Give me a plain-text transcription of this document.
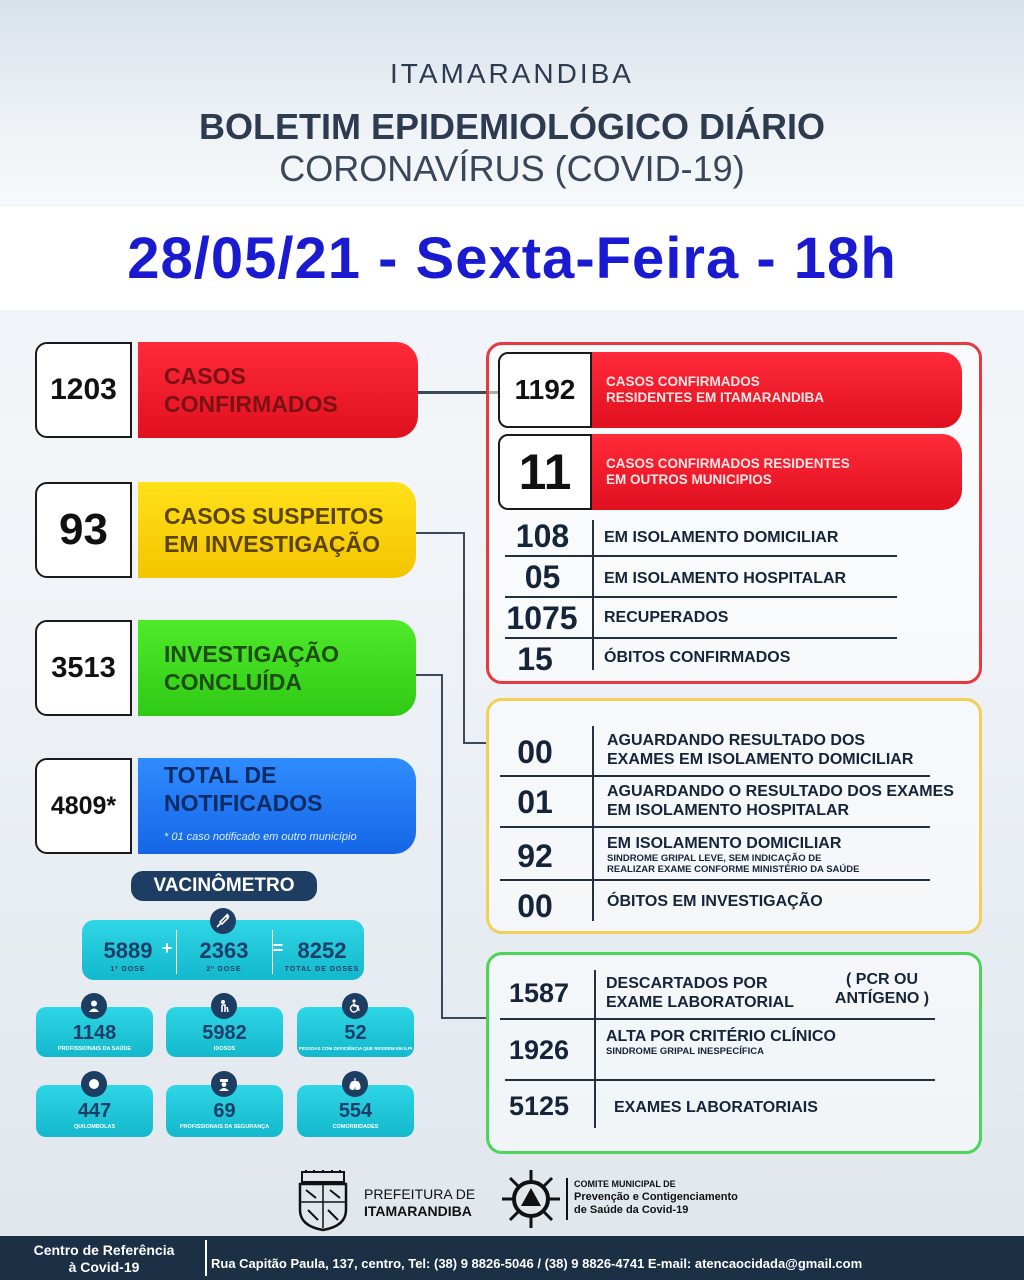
ITAMARANDIBA
BOLETIM EPIDEMIOLÓGICO DIÁRIO
CORONAVÍRUS (COVID-19)
28/05/21 - Sexta-Feira - 18h
1203	CASOS
CONFIRMADOS
93	CASOS SUSPEITOS
EM INVESTIGAÇÃO
3513	INVESTIGAÇÃO
CONCLUÍDA
4809*
TOTAL DE
NOTIFICADOS
* 01 caso notificado em outro município
1192	CASOS CONFIRMADOS
RESIDENTES EM ITAMARANDIBA
11	CASOS CONFIRMADOS RESIDENTES
EM OUTROS MUNICIPIOS
108	EM ISOLAMENTO DOMICILIAR
05	EM ISOLAMENTO HOSPITALAR
1075	RECUPERADOS
15	ÓBITOS CONFIRMADOS
00	AGUARDANDO RESULTADO DOS
EXAMES EM ISOLAMENTO DOMICILIAR
01	AGUARDANDO O RESULTADO DOS EXAMES
EM ISOLAMENTO HOSPITALAR
92	EM ISOLAMENTO DOMICILIAR
SINDROME GRIPAL LEVE, SEM INDICAÇÃO DE
REALIZAR EXAME CONFORME MINISTÉRIO DA SAÚDE
00	ÓBITOS EM INVESTIGAÇÃO
1587	DESCARTADOS POR
EXAME LABORATORIAL
( PCR OU
ANTÍGENO )
1926	ALTA POR CRITÉRIO CLÍNICO
SINDROME GRIPAL INESPECÍFICA
5125	EXAMES LABORATORIAIS
VACINÔMETRO
5889
1º DOSE
+	2363
2º DOSE
= 8252
TOTAL DE DOSES
1148
PROFISSIONAIS DA SAÚDE
5982
IDOSOS
52
PESSOAS COM DEFICIÊNCIA QUE RESIDEM EM ILPI
447
QUILOMBOLAS
69
PROFISSIONAIS DA SEGURANÇA
554
COMORBIDADES
PREFEITURA DE
ITAMARANDIBA
COMITE MUNICIPAL DE
Prevenção e Contigenciamento
de Saúde da Covid-19
Centro de Referência
à Covid-19	Rua Capitão Paula, 137, centro, Tel: (38) 9 8826-5046 / (38) 9 8826-4741 E-mail: atencaocidada@gmail.com
